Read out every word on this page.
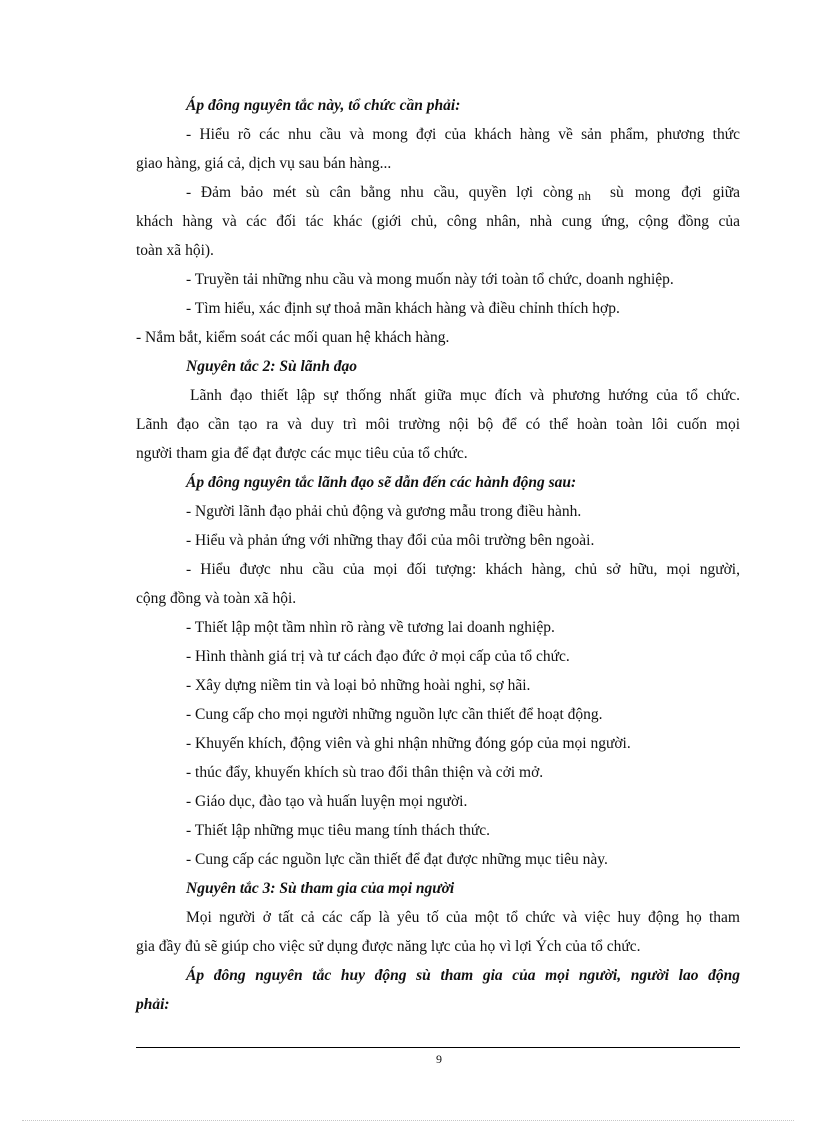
Áp đông nguyên tắc này, tổ chức cần phải:

- Hiểu rõ các nhu cầu và mong đợi của khách hàng về sản phẩm, phương thức

giao hàng, giá cả, dịch vụ sau bán hàng...

- Đảm bảo mét sù cân bằng nhu cầu, quyền lợi còng nh sù mong đợi giữa

khách hàng và các đối tác khác (giới chủ, công nhân, nhà cung ứng, cộng đồng của

toàn xã hội).

- Truyền tải những nhu cầu và mong muốn này tới toàn tổ chức, doanh nghiệp.

- Tìm hiểu, xác định sự thoả mãn khách hàng và điều chỉnh thích hợp.

- Nắm bắt, kiểm soát các mối quan hệ khách hàng.

Nguyên tắc 2: Sù lãnh đạo

Lãnh đạo thiết lập sự thống nhất giữa mục đích và phương hướng của tổ chức.

Lãnh đạo cần tạo ra và duy trì môi trường nội bộ để có thể hoàn toàn lôi cuốn mọi

người tham gia để đạt được các mục tiêu của tổ chức.

Áp đông nguyên tắc lãnh đạo sẽ dẫn đến các hành động sau:

- Người lãnh đạo phải chủ động và gương mẫu trong điều hành.

- Hiểu và phản ứng với những thay đổi của môi trường bên ngoài.

- Hiểu được nhu cầu của mọi đối tượng: khách hàng, chủ sở hữu, mọi người,

cộng đồng và toàn xã hội.

- Thiết lập một tầm nhìn rõ ràng về tương lai doanh nghiệp.

- Hình thành giá trị và tư cách đạo đức ở mọi cấp của tổ chức.

- Xây dựng niềm tin và loại bỏ những hoài nghi, sợ hãi.

- Cung cấp cho mọi người những nguồn lực cần thiết để hoạt động.

- Khuyến khích, động viên và ghi nhận những đóng góp của mọi người.

- thúc đẩy, khuyến khích sù trao đổi thân thiện và cởi mở.

- Giáo dục, đào tạo và huấn luyện mọi người.

- Thiết lập những mục tiêu mang tính thách thức.

- Cung cấp các nguồn lực cần thiết để đạt được những mục tiêu này.

Nguyên tắc 3: Sù tham gia của mọi người

Mọi người ở tất cả các cấp là yêu tố của một tổ chức và việc huy động họ tham

gia đầy đủ sẽ giúp cho việc sử dụng được năng lực của họ vì lợi Ých của tổ chức.

Áp đông nguyên tắc huy động sù tham gia của mọi người, người lao động

phải:

9
